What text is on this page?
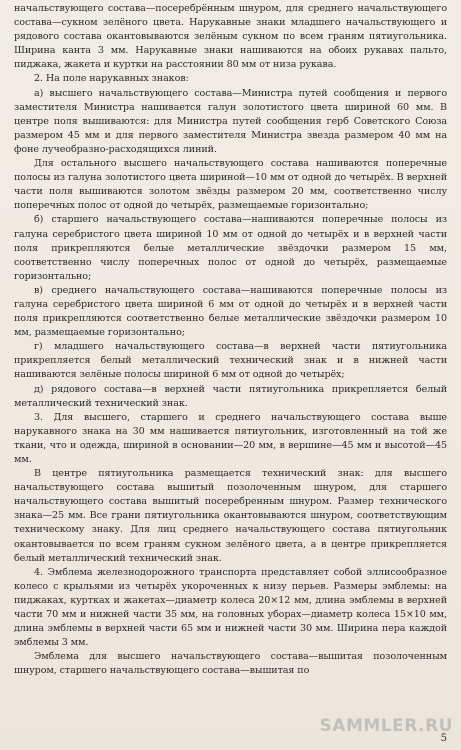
начальствующего состава—посеребрённым шнуром, для среднего начальствующего состава—сукном зелёного цвета. Нарукавные знаки младшего начальствующего и рядового состава окантовываются зелёным сукном по всем граням пятиугольника. Ширина канта 3 мм. Нарукавные знаки нашиваются на обоих рукавах пальто, пиджака, жакета и куртки на расстоянии 80 мм от низа рукава.

2. На поле нарукавных знаков:

а) высшего начальствующего состава—Министра путей сообщения и первого заместителя Министра нашивается галун золотистого цвета шириной 60 мм. В центре поля вышиваются: для Министра путей сообщения герб Советского Союза размером 45 мм и для первого заместителя Министра звезда размером 40 мм на фоне лучеобразно-расходящихся линий.

Для остального высшего начальствующего состава нашиваются поперечные полосы из галуна золотистого цвета шириной—10 мм от одной до четырёх. В верхней части поля вышиваются золотом звёзды размером 20 мм, соответственно числу поперечных полос от одной до четырёх, размещаемые горизонтально;

б) старшего начальствующего состава—нашиваются поперечные полосы из галуна серебристого цвета шириной 10 мм от одной до четырёх и в верхней части поля прикрепляются белые металлические звёздочки размером 15 мм, соответственно числу поперечных полос от одной до четырёх, размещаемые горизонтально;

в) среднего начальствующего состава—нашиваются поперечные полосы из галуна серебристого цвета шириной 6 мм от одной до четырёх и в верхней части поля прикрепляются соответственно белые металлические звёздочки размером 10 мм, размещаемые горизонтально;

г) младшего начальствующего состава—в верхней части пятиугольника прикрепляется белый металлический технический знак и в нижней части нашиваются зелёные полосы шириной 6 мм от одной до четырёх;

д) рядового состава—в верхней части пятиугольника прикрепляется белый металлический технический знак.

3. Для высшего, старшего и среднего начальствующего состава выше нарукавного знака на 30 мм нашивается пятиугольник, изготовленный на той же ткани, что и одежда, шириной в основании—20 мм, в вершине—45 мм и высотой—45 мм.

В центре пятиугольника размещается технический знак: для высшего начальствующего состава вышитый позолоченным шнуром, для старшего начальствующего состава вышитый посеребренным шнуром. Размер технического знака—25 мм. Все грани пятиугольника окантовываются шнуром, соответствующим техническому знаку. Для лиц среднего начальствующего состава пятиугольник окантовывается по всем граням сукном зелёного цвета, а в центре прикрепляется белый металлический технический знак.

4. Эмблема железнодорожного транспорта представляет собой эллисообразное колесо с крыльями из четырёх укороченных к низу перьев. Размеры эмблемы: на пиджаках, куртках и жакетах—диаметр колеса 20×12 мм, длина эмблемы в верхней части 70 мм и нижней части 35 мм, на головных уборах—диаметр колеса 15×10 мм, длина эмблемы в верхней части 65 мм и нижней части 30 мм. Ширина пера каждой эмблемы 3 мм.

Эмблема для высшего начальствующего состава—вышитая позолоченным шнуром, старшего начальствующего состава—вышитая по

SAMMLER.RU
5
